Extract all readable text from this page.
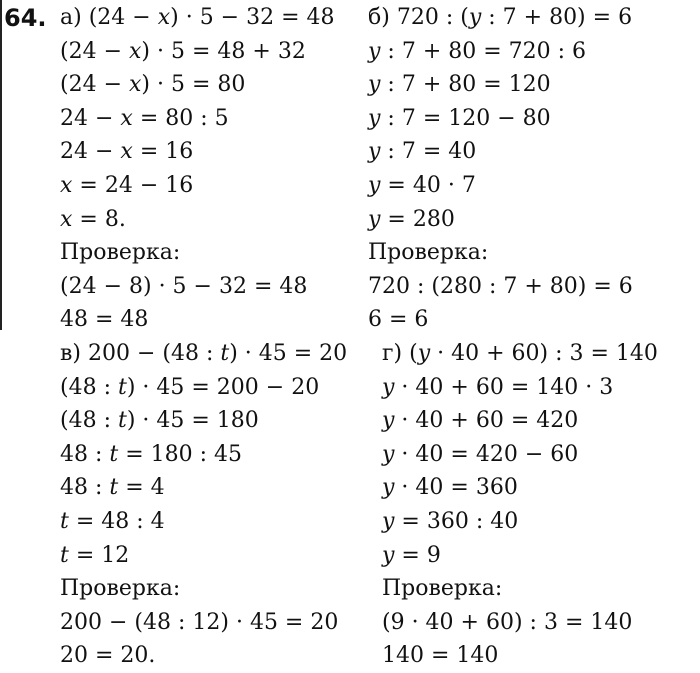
64. а) (24 − x) · 5 − 32 = 48
(24 − x) · 5 = 48 + 32
(24 − x) · 5 = 80
24 − x = 80 : 5
24 − x = 16
x = 24 − 16
x = 8.
Проверка:
(24 − 8) · 5 − 32 = 48
48 = 48
б) 720 : (y : 7 + 80) = 6
y : 7 + 80 = 720 : 6
y : 7 + 80 = 120
y : 7 = 120 − 80
y : 7 = 40
y = 40 · 7
y = 280
Проверка:
720 : (280 : 7 + 80) = 6
6 = 6
в) 200 − (48 : t) · 45 = 20
(48 : t) · 45 = 200 − 20
(48 : t) · 45 = 180
48 : t = 180 : 45
48 : t = 4
t = 48 : 4
t = 12
Проверка:
200 − (48 : 12) · 45 = 20
20 = 20.
г) (y · 40 + 60) : 3 = 140
y · 40 + 60 = 140 · 3
y · 40 + 60 = 420
y · 40 = 420 − 60
y · 40 = 360
y = 360 : 40
y = 9
Проверка:
(9 · 40 + 60) : 3 = 140
140 = 140
